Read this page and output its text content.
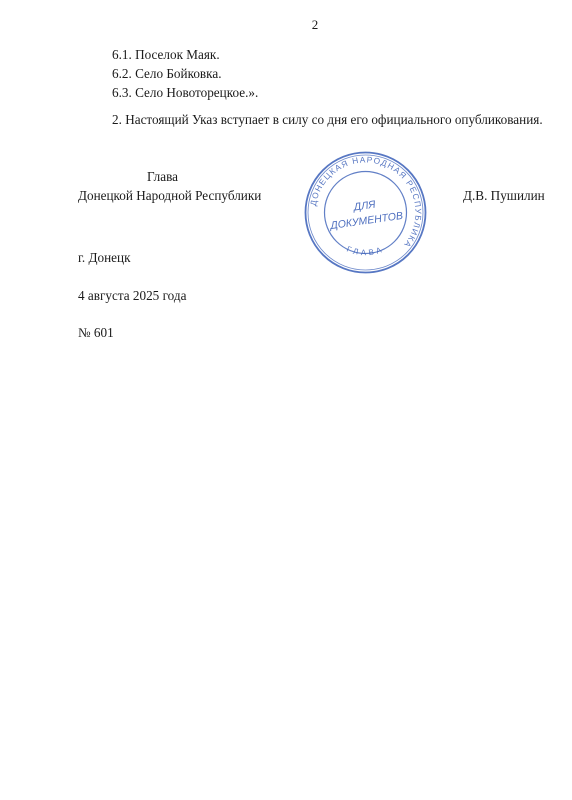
2
6.1. Поселок Маяк.
6.2. Село Бойковка.
6.3. Село Новоторецкое.».
2. Настоящий Указ вступает в силу со дня его официального опубликования.
Глава
Донецкой Народной Республики	ДОНЕЦКАЯ НАРОДНАЯ РЕСПУБЛИКА
ГЛАВА
ДЛЯ
ДОКУМЕНТОВ
Д.В. Пушилин
г. Донецк
4 августа 2025 года
№ 601
